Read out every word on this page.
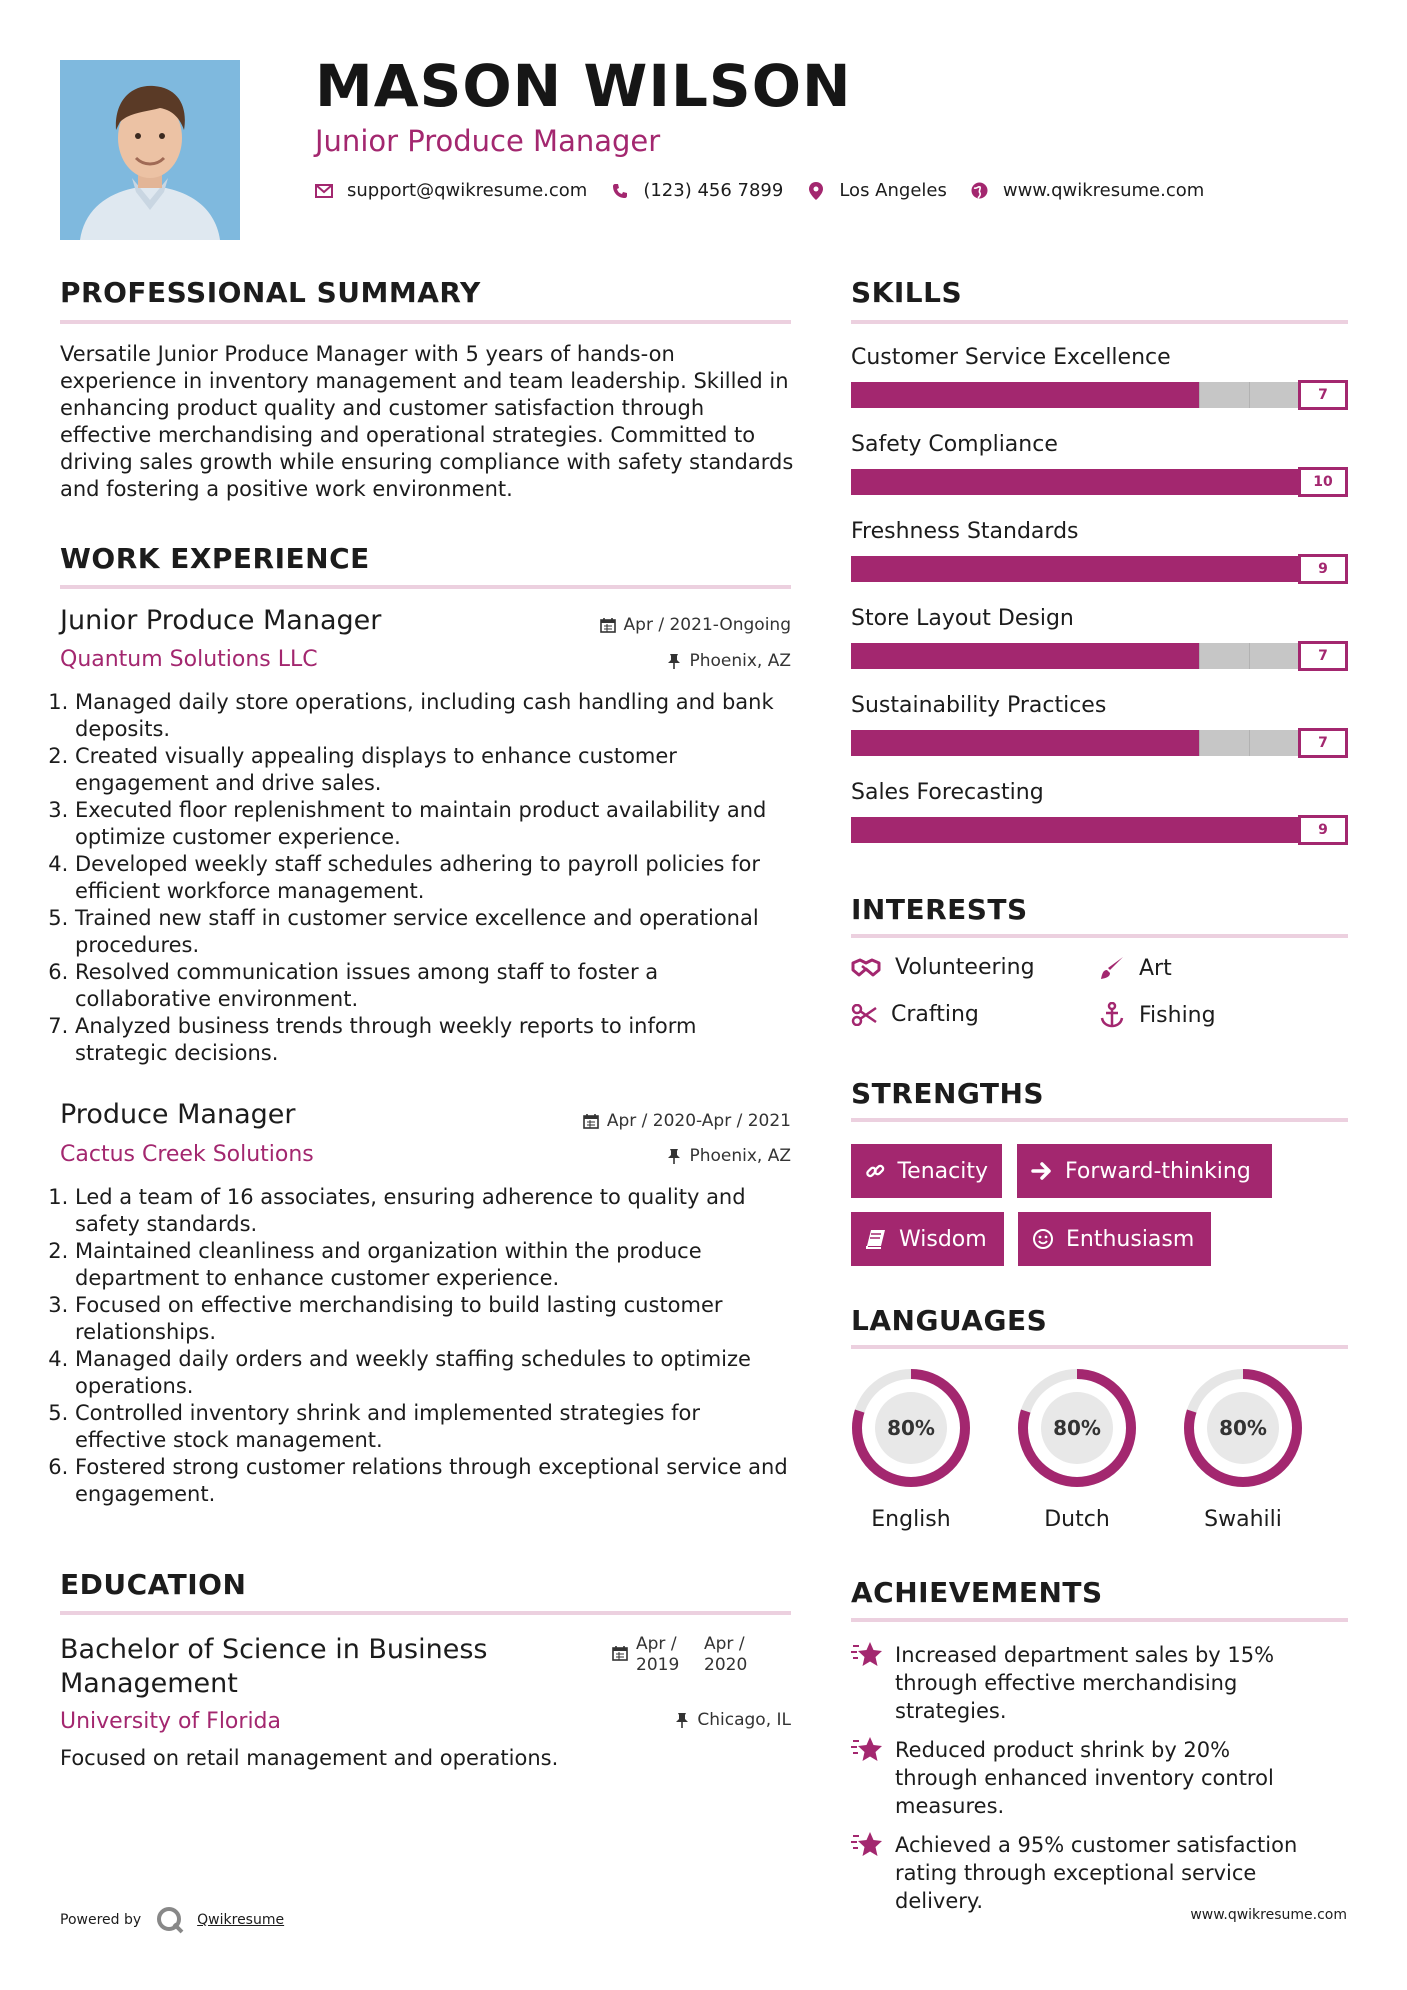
MASON WILSON
Junior Produce Manager
support@qwikresume.com	(123) 456 7899	Los Angeles	www.qwikresume.com
PROFESSIONAL SUMMARY
Versatile Junior Produce Manager with 5 years of hands-on experience in inventory management and team leadership. Skilled in enhancing product quality and customer satisfaction through effective merchandising and operational strategies. Committed to driving sales growth while ensuring compliance with safety standards and fostering a positive work environment.
WORK EXPERIENCE
Junior Produce Manager	Apr / 2021-Ongoing
Quantum Solutions LLC	Phoenix, AZ
1. Managed daily store operations, including cash handling and bank deposits.
2. Created visually appealing displays to enhance customer engagement and drive sales.
3. Executed floor replenishment to maintain product availability and optimize customer experience.
4. Developed weekly staff schedules adhering to payroll policies for efficient workforce management.
5. Trained new staff in customer service excellence and operational procedures.
6. Resolved communication issues among staff to foster a collaborative environment.
7. Analyzed business trends through weekly reports to inform strategic decisions.
Produce Manager	Apr / 2020-Apr / 2021
Cactus Creek Solutions	Phoenix, AZ
1. Led a team of 16 associates, ensuring adherence to quality and safety standards.
2. Maintained cleanliness and organization within the produce department to enhance customer experience.
3. Focused on effective merchandising to build lasting customer relationships.
4. Managed daily orders and weekly staffing schedules to optimize operations.
5. Controlled inventory shrink and implemented strategies for effective stock management.
6. Fostered strong customer relations through exceptional service and engagement.
EDUCATION
Bachelor of Science in Business Management
Apr / 2019
Apr / 2020
University of Florida	Chicago, IL
Focused on retail management and operations.
Powered by	Qwikresume	www.qwikresume.com
SKILLS
Customer Service Excellence
7
Safety Compliance
10
Freshness Standards
9
Store Layout Design
7
Sustainability Practices
7
Sales Forecasting
9
INTERESTS
Volunteering	Art
Crafting	Fishing
STRENGTHS
Tenacity	Forward-thinking
Wisdom	Enthusiasm
LANGUAGES
80%
English
80%
Dutch
80%
Swahili
ACHIEVEMENTS
Increased department sales by 15% through effective merchandising strategies.
Reduced product shrink by 20% through enhanced inventory control measures.
Achieved a 95% customer satisfaction rating through exceptional service delivery.
